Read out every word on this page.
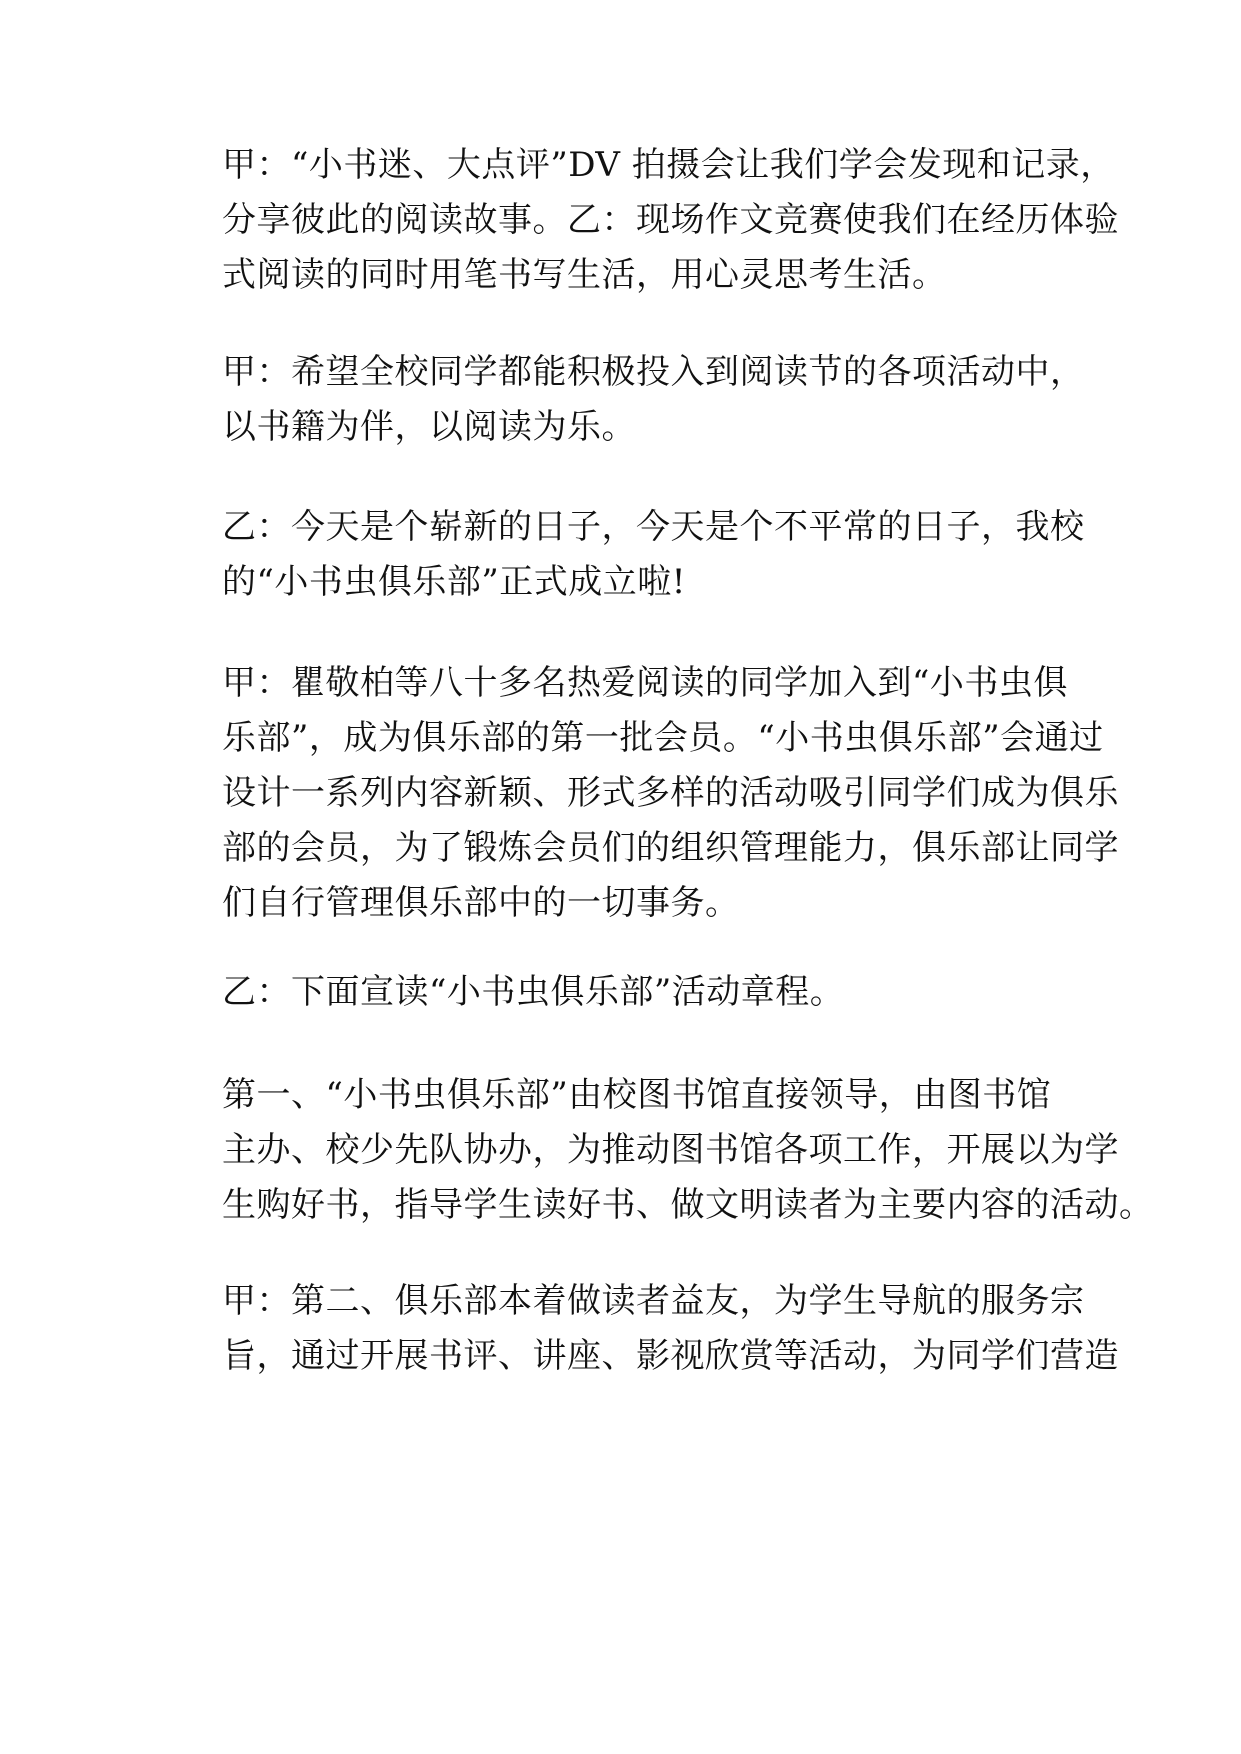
甲：“小书迷、大点评”DV 拍摄会让我们学会发现和记录，
分享彼此的阅读故事。乙：现场作文竞赛使我们在经历体验
式阅读的同时用笔书写生活，用心灵思考生活。
甲：希望全校同学都能积极投入到阅读节的各项活动中，
以书籍为伴，以阅读为乐。
乙：今天是个崭新的日子，今天是个不平常的日子，我校
的“小书虫俱乐部”正式成立啦!
甲：瞿敬柏等八十多名热爱阅读的同学加入到“小书虫俱
乐部”，成为俱乐部的第一批会员。“小书虫俱乐部”会通过
设计一系列内容新颖、形式多样的活动吸引同学们成为俱乐
部的会员，为了锻炼会员们的组织管理能力，俱乐部让同学
们自行管理俱乐部中的一切事务。
乙：下面宣读“小书虫俱乐部”活动章程。
第一、“小书虫俱乐部”由校图书馆直接领导，由图书馆
主办、校少先队协办，为推动图书馆各项工作，开展以为学
生购好书，指导学生读好书、做文明读者为主要内容的活动。
甲：第二、俱乐部本着做读者益友，为学生导航的服务宗
旨，通过开展书评、讲座、影视欣赏等活动，为同学们营造
